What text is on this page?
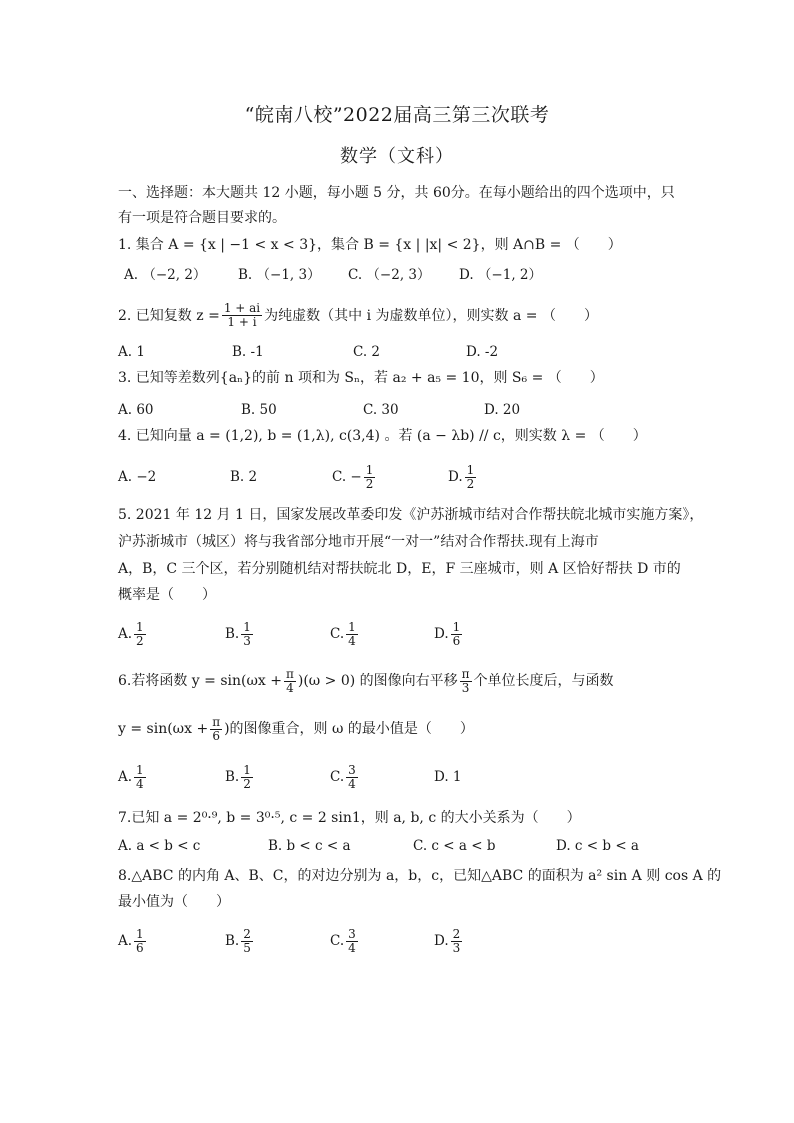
“皖南八校”2022届高三第三次联考
数学（文科）
一、选择题：本大题共 12 小题，每小题 5 分，共 60分。在每小题给出的四个选项中，只
有一项是符合题目要求的。
1. 集合 A = {x | −1 < x < 3}，集合 B = {x | |x| < 2}，则 A∩B = （　　）
A. （−2, 2） B. （−1, 3） C. （−2, 3） D. （−1, 2）
2. 已知复数 $z = \frac{1 + ai}{1 + i}$ 为纯虚数（其中 i 为虚数单位），则实数 a = （　　）
A. 1	B. -1	C. 2	D. -2
3. 已知等差数列{aₙ}的前 n 项和为 Sₙ，若 a₂ + a₅ = 10，则 S₆ = （　　）
A. 60	B. 50	C. 30	D. 20
4. 已知向量 a = (1,2), b = (1,λ), c(3,4) 。若 (a − λb) // c，则实数 λ = （　　）
A. −2	B. 2	C. − $\frac{1}{2}$	D. $\frac{1}{2}$
5. 2021 年 12 月 1 日，国家发展改革委印发《沪苏浙城市结对合作帮扶皖北城市实施方案》，
沪苏浙城市（城区）将与我省部分地市开展“一对一”结对合作帮扶.现有上海市
A，B，C 三个区，若分别随机结对帮扶皖北 D，E，F 三座城市，则 A 区恰好帮扶 D 市的
概率是（　　）
A. $\frac{1}{2}$	B. $\frac{1}{3}$	C. $\frac{1}{4}$	D. $\frac{1}{6}$
6.若将函数 $y = \sin(\omega x + \frac{\pi}{4} )(\omega > 0)$ 的图像向右平移 $\frac{\pi}{3}$ 个单位长度后，与函数
$y = \sin(\omega x + \frac{\pi}{6}$ )的图像重合，则 ω 的最小值是（　　）
A. $\frac{1}{4}$	B. $\frac{1}{2}$	C. $\frac{3}{4}$	D. 1
7.已知 a = 2⁰·⁹, b = 3⁰·⁵, c = 2 sin1，则 a, b, c 的大小关系为（　　）
A. a < b < c	B. b < c < a	C. c < a < b	D. c < b < a
8.△ABC 的内角 A、B、C，的对边分别为 a，b，c，已知△ABC 的面积为 a² sin A 则 cos A 的
最小值为（　　）
A. $\frac{1}{6}$	B. $\frac{2}{5}$	C. $\frac{3}{4}$	D. $\frac{2}{3}$
